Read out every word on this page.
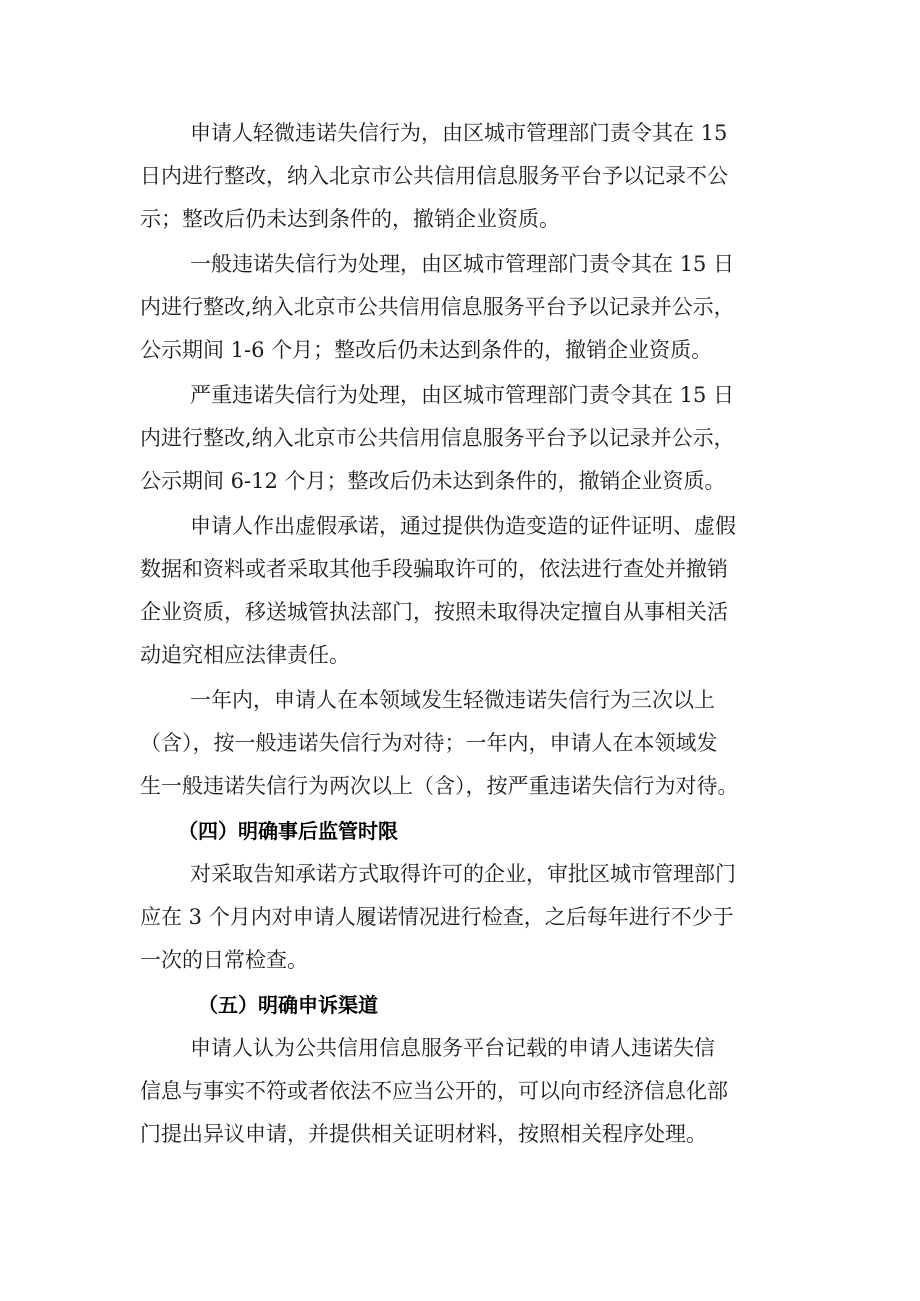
申请人轻微违诺失信行为，由区城市管理部门责令其在 15
日内进行整改，纳入北京市公共信用信息服务平台予以记录不公
示；整改后仍未达到条件的，撤销企业资质。

一般违诺失信行为处理，由区城市管理部门责令其在 15 日
内进行整改,纳入北京市公共信用信息服务平台予以记录并公示，
公示期间 1-6 个月；整改后仍未达到条件的，撤销企业资质。

严重违诺失信行为处理，由区城市管理部门责令其在 15 日
内进行整改,纳入北京市公共信用信息服务平台予以记录并公示，
公示期间 6-12 个月；整改后仍未达到条件的，撤销企业资质。

申请人作出虚假承诺，通过提供伪造变造的证件证明、虚假
数据和资料或者采取其他手段骗取许可的，依法进行查处并撤销
企业资质，移送城管执法部门，按照未取得决定擅自从事相关活
动追究相应法律责任。

一年内，申请人在本领域发生轻微违诺失信行为三次以上
（含），按一般违诺失信行为对待；一年内，申请人在本领域发
生一般违诺失信行为两次以上（含），按严重违诺失信行为对待。

（四）明确事后监管时限

对采取告知承诺方式取得许可的企业，审批区城市管理部门
应在 3 个月内对申请人履诺情况进行检查，之后每年进行不少于
一次的日常检查。

（五）明确申诉渠道

申请人认为公共信用信息服务平台记载的申请人违诺失信
信息与事实不符或者依法不应当公开的，可以向市经济信息化部
门提出异议申请，并提供相关证明材料，按照相关程序处理。
